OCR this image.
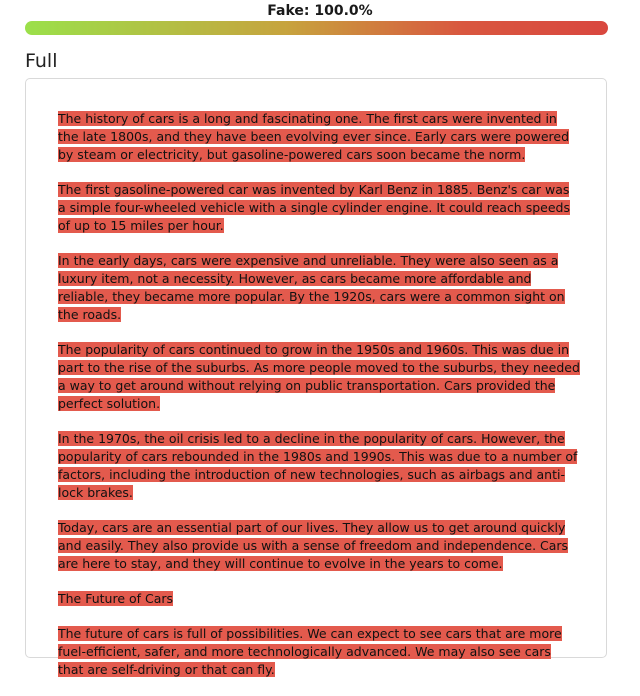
Fake: 100.0%
Full

The history of cars is a long and fascinating one. The first cars were invented in the late 1800s, and they have been evolving ever since. Early cars were powered by steam or electricity, but gasoline-powered cars soon became the norm.

The first gasoline-powered car was invented by Karl Benz in 1885. Benz's car was a simple four-wheeled vehicle with a single cylinder engine. It could reach speeds of up to 15 miles per hour.

In the early days, cars were expensive and unreliable. They were also seen as a luxury item, not a necessity. However, as cars became more affordable and reliable, they became more popular. By the 1920s, cars were a common sight on the roads.

The popularity of cars continued to grow in the 1950s and 1960s. This was due in part to the rise of the suburbs. As more people moved to the suburbs, they needed a way to get around without relying on public transportation. Cars provided the perfect solution.

In the 1970s, the oil crisis led to a decline in the popularity of cars. However, the popularity of cars rebounded in the 1980s and 1990s. This was due to a number of factors, including the introduction of new technologies, such as airbags and anti-lock brakes.

Today, cars are an essential part of our lives. They allow us to get around quickly and easily. They also provide us with a sense of freedom and independence. Cars are here to stay, and they will continue to evolve in the years to come.

The Future of Cars

The future of cars is full of possibilities. We can expect to see cars that are more fuel-efficient, safer, and more technologically advanced. We may also see cars that are self-driving or that can fly.
